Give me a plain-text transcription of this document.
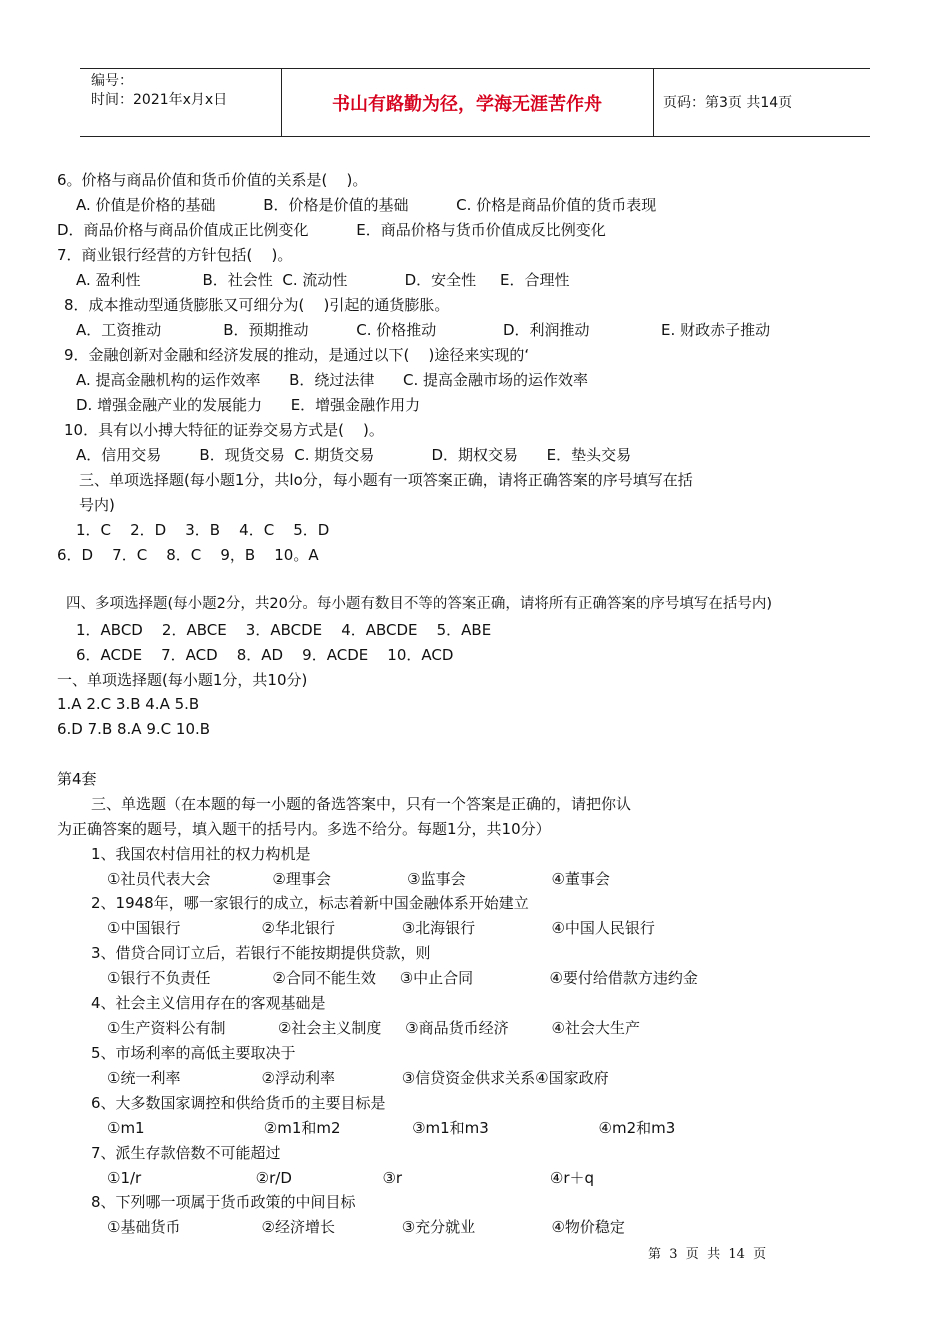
编号：
时间：2021年x月x日	书山有路勤为径，学海无涯苦作舟	页码：第3页 共14页
6。价格与商品价值和货币价值的关系是(    )。
A. 价值是价格的基础          B．价格是价值的基础          C. 价格是商品价值的货币表现
D．商品价格与商品价值成正比例变化          E．商品价格与货币价值成反比例变化
7．商业银行经营的方针包括(    )。
A. 盈利性             B．社会性  C. 流动性            D．安全性     E．合理性
8．成本推动型通货膨胀又可细分为(    )引起的通货膨胀。
A．工资推动             B．预期推动          C. 价格推动              D．利润推动               E. 财政赤子推动
9．金融创新对金融和经济发展的推动，是通过以下(    )途径来实现的‘
A. 提高金融机构的运作效率      B．绕过法律      C. 提高金融市场的运作效率
D. 增强金融产业的发展能力      E．增强金融作用力
10．具有以小搏大特征的证券交易方式是(    )。
A．信用交易        B．现货交易  C. 期货交易            D．期权交易      E．垫头交易
三、单项选择题(每小题1分，共lo分，每小题有一项答案正确，请将正确答案的序号填写在括
号内)
1．C    2．D    3．B    4．C    5．D
6．D    7．C    8．C    9，B    10。A
四、多项选择题(每小题2分，共20分。每小题有数目不等的答案正确，请将所有正确答案的序号填写在括号内)
1．ABCD    2．ABCE    3．ABCDE    4．ABCDE    5．ABE
6．ACDE    7．ACD    8．AD    9．ACDE    10．ACD
一、单项选择题(每小题1分，共10分)
1.A 2.C 3.B 4.A 5.B
6.D 7.B 8.A 9.C 10.B
第4套
三、单选题（在本题的每一小题的备选答案中，只有一个答案是正确的，请把你认
为正确答案的题号，填入题干的括号内。多选不给分。每题1分，共10分）
1、我国农村信用社的权力构机是
①社员代表大会             ②理事会                ③监事会                  ④董事会
2、1948年，哪一家银行的成立，标志着新中国金融体系开始建立
①中国银行                 ②华北银行              ③北海银行                ④中国人民银行
3、借贷合同订立后，若银行不能按期提供贷款，则
①银行不负责任             ②合同不能生效     ③中止合同                ④要付给借款方违约金
4、社会主义信用存在的客观基础是
①生产资料公有制           ②社会主义制度     ③商品货币经济         ④社会大生产
5、市场利率的高低主要取决于
①统一利率                 ②浮动利率              ③信贷资金供求关系④国家政府
6、大多数国家调控和供给货币的主要目标是
①m1                         ②m1和m2               ③m1和m3                       ④m2和m3
7、派生存款倍数不可能超过
①1/r                        ②r/D                   ③r                               ④r＋q
8、下列哪一项属于货币政策的中间目标
①基础货币                 ②经济增长              ③充分就业                ④物价稳定
第  3  页  共  14  页
